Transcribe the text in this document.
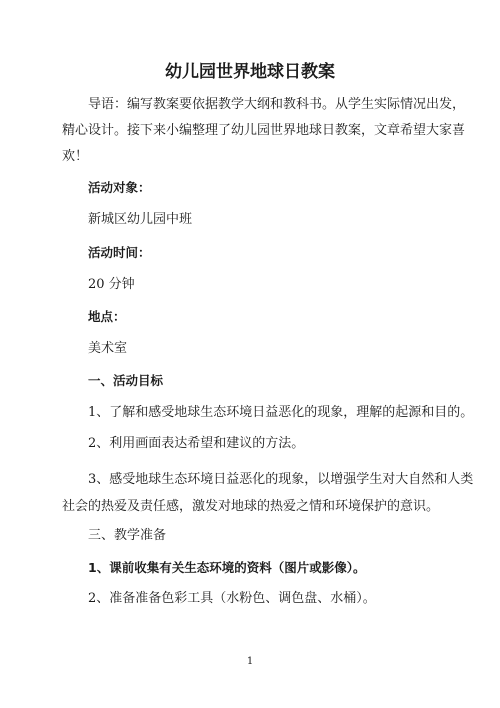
幼儿园世界地球日教案
导语：编写教案要依据教学大纲和教科书。从学生实际情况出发，
精心设计。接下来小编整理了幼儿园世界地球日教案，文章希望大家喜
欢！
活动对象：
新城区幼儿园中班
活动时间：
20 分钟
地点：
美术室
一、活动目标
1、了解和感受地球生态环境日益恶化的现象，理解的起源和目的。
2、利用画面表达希望和建议的方法。
3、感受地球生态环境日益恶化的现象，以增强学生对大自然和人类
社会的热爱及责任感，激发对地球的热爱之情和环境保护的意识。
三、教学准备
1、课前收集有关生态环境的资料（图片或影像）。
2、准备准备色彩工具（水粉色、调色盘、水桶）。
1
